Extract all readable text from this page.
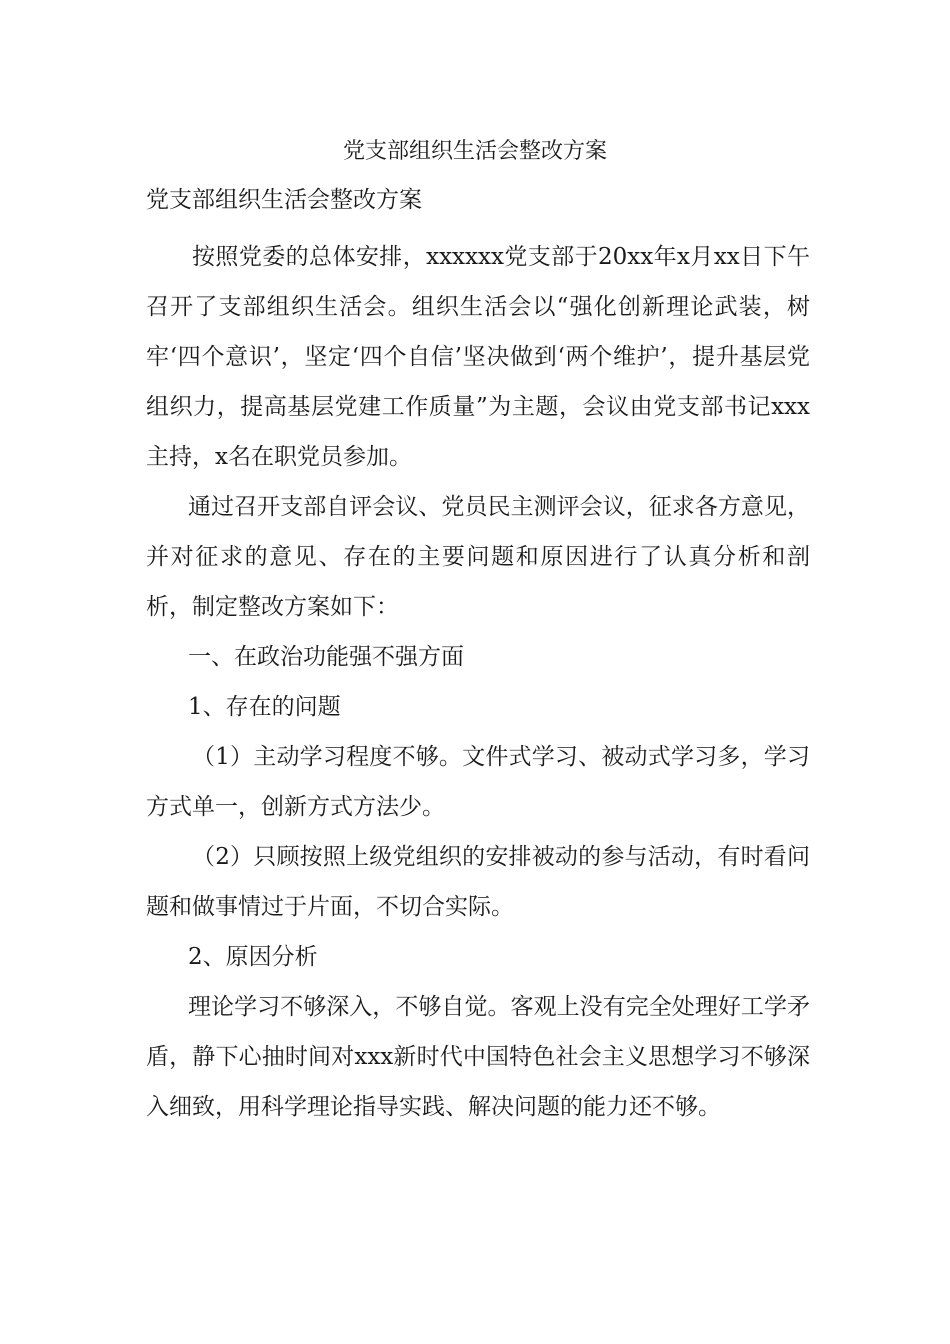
党支部组织生活会整改方案

党支部组织生活会整改方案

按照党委的总体安排，xxxxxx党支部于20xx年x月xx日下午召开了支部组织生活会。组织生活会以“强化创新理论武装，树牢‘四个意识’，坚定‘四个自信’坚决做到‘两个维护’，提升基层党组织力，提高基层党建工作质量”为主题，会议由党支部书记xxx主持，x名在职党员参加。

通过召开支部自评会议、党员民主测评会议，征求各方意见，并对征求的意见、存在的主要问题和原因进行了认真分析和剖析，制定整改方案如下：

一、在政治功能强不强方面

1、存在的问题

（1）主动学习程度不够。文件式学习、被动式学习多，学习方式单一，创新方式方法少。

（2）只顾按照上级党组织的安排被动的参与活动，有时看问题和做事情过于片面，不切合实际。

2、原因分析

理论学习不够深入，不够自觉。客观上没有完全处理好工学矛盾，静下心抽时间对xxx新时代中国特色社会主义思想学习不够深入细致，用科学理论指导实践、解决问题的能力还不够。
